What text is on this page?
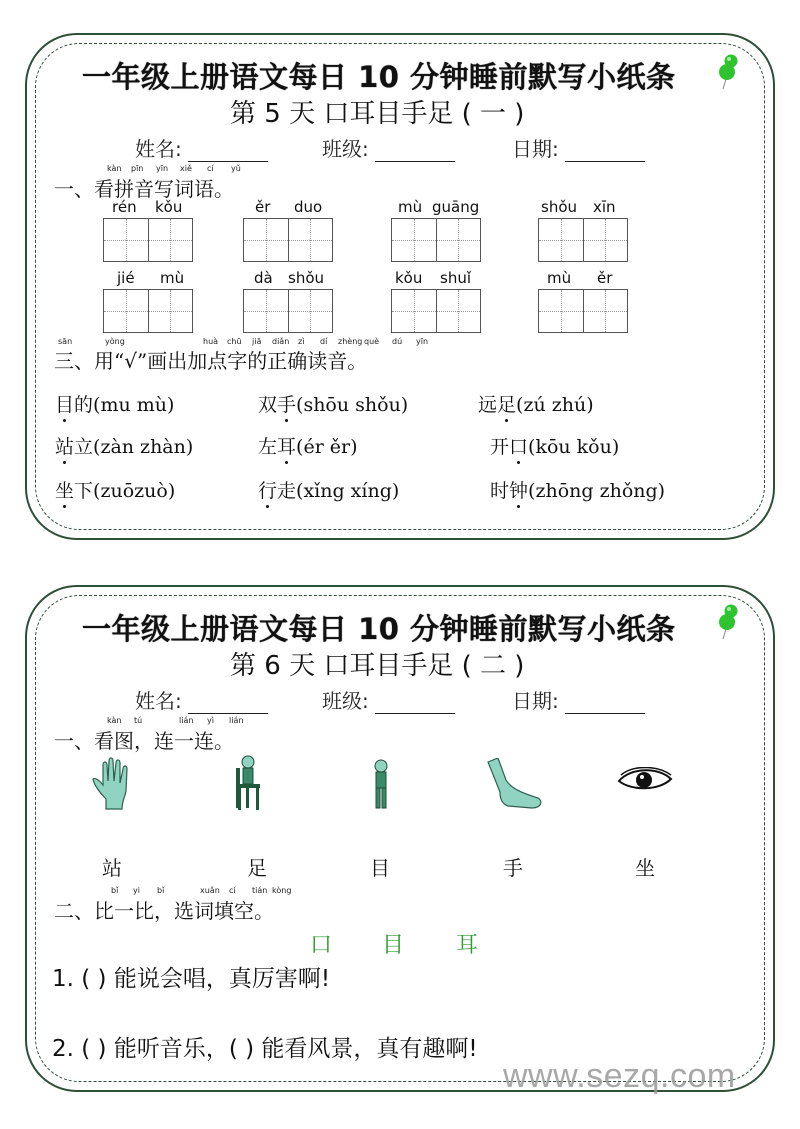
一年级上册语文每日 10 分钟睡前默写小纸条
第 5 天 口耳目手足 ( 一 )
姓名:	班级:	日期:
kàn pīn yīn xiě cí yǔ
一、看拼音写词语。
rén kǒu	ěr duo	mù guāng	shǒu xīn
jié mù	dà shǒu	kǒu shuǐ	mù ěr
sān	yòng	huà chū jiā diǎn zì dí zhèng què dú yīn
三、用“√”画出加点字的正确读音。
目的(mu mù)	双手(shōu shǒu)	远足(zú zhú)
站立(zàn zhàn)	左耳(ér ěr)	开口(kōu kǒu)
坐下(zuōzuò)	行走(xǐng xíng)	时钟(zhōng zhǒng)
一年级上册语文每日 10 分钟睡前默写小纸条
第 6 天 口耳目手足 ( 二 )
姓名:	班级:	日期:
kàn tú	lián yì lián
一、看图，连一连。
站	足	目	手	坐
bǐ yi bǐ	xuǎn cí tián kòng
二、比一比，选词填空。
口 目 耳
1. ( ) 能说会唱，真厉害啊!
2. ( ) 能听音乐，( ) 能看风景，真有趣啊!
www.sezq.com
